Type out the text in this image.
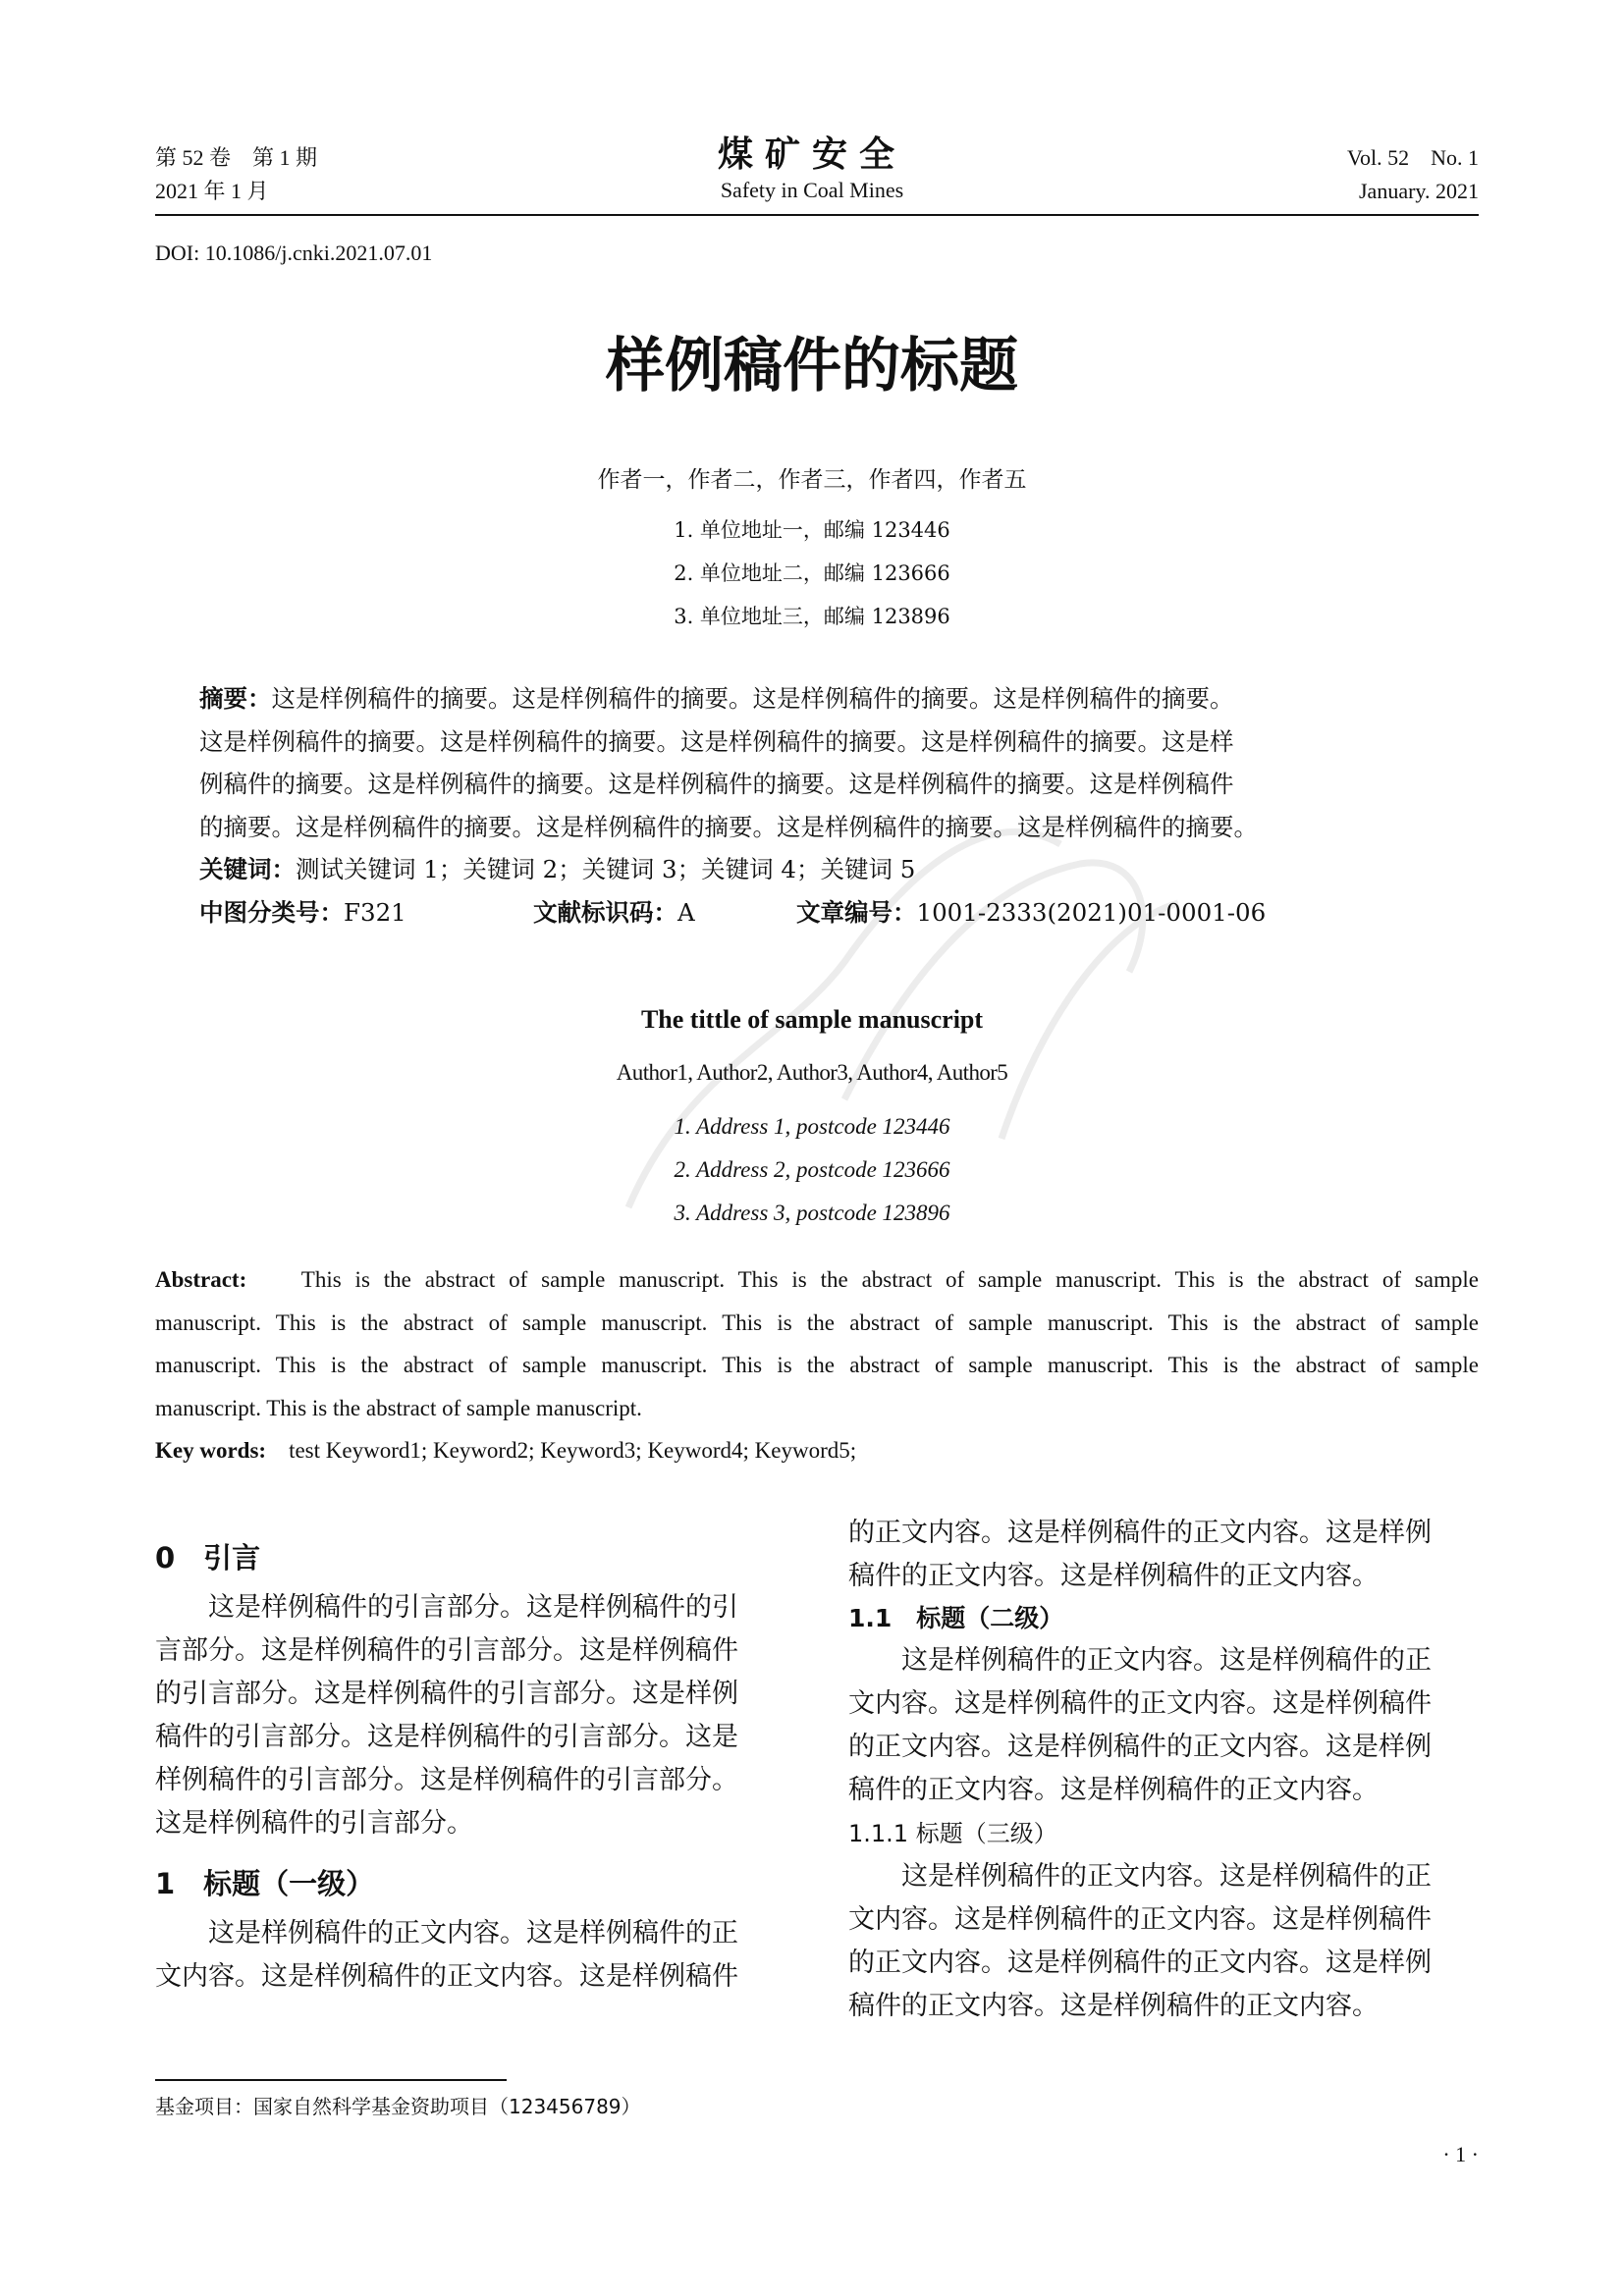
第 52 卷　第 1 期
2021 年 1 月
煤矿安全
Safety in Coal Mines
Vol. 52　No. 1
January. 2021
DOI: 10.1086/j.cnki.2021.07.01
样例稿件的标题
作者一，作者二，作者三，作者四，作者五
1. 单位地址一，邮编 123446
2. 单位地址二，邮编 123666
3. 单位地址三，邮编 123896
摘要：这是样例稿件的摘要。这是样例稿件的摘要。这是样例稿件的摘要。这是样例稿件的摘要。
这是样例稿件的摘要。这是样例稿件的摘要。这是样例稿件的摘要。这是样例稿件的摘要。这是样
例稿件的摘要。这是样例稿件的摘要。这是样例稿件的摘要。这是样例稿件的摘要。这是样例稿件
的摘要。这是样例稿件的摘要。这是样例稿件的摘要。这是样例稿件的摘要。这是样例稿件的摘要。
关键词：测试关键词 1；关键词 2；关键词 3；关键词 4；关键词 5
中图分类号：F321	文献标识码：A	文章编号：1001-2333(2021)01-0001-06
The tittle of sample manuscript
Author1, Author2, Author3, Author4, Author5
1. Address 1, postcode 123446
2. Address 2, postcode 123666
3. Address 3, postcode 123896
Abstract: This is the abstract of sample manuscript. This is the abstract of sample manuscript. This is the abstract of sample
manuscript. This is the abstract of sample manuscript. This is the abstract of sample manuscript. This is the abstract of sample
manuscript. This is the abstract of sample manuscript. This is the abstract of sample manuscript. This is the abstract of sample
manuscript. This is the abstract of sample manuscript.
Key words: test Keyword1; Keyword2; Keyword3; Keyword4; Keyword5;
0　引言

这是样例稿件的引言部分。这是样例稿件的引

言部分。这是样例稿件的引言部分。这是样例稿件

的引言部分。这是样例稿件的引言部分。这是样例

稿件的引言部分。这是样例稿件的引言部分。这是

样例稿件的引言部分。这是样例稿件的引言部分。

这是样例稿件的引言部分。

1　标题（一级）

这是样例稿件的正文内容。这是样例稿件的正

文内容。这是样例稿件的正文内容。这是样例稿件

的正文内容。这是样例稿件的正文内容。这是样例

稿件的正文内容。这是样例稿件的正文内容。

1.1　标题（二级）

这是样例稿件的正文内容。这是样例稿件的正

文内容。这是样例稿件的正文内容。这是样例稿件

的正文内容。这是样例稿件的正文内容。这是样例

稿件的正文内容。这是样例稿件的正文内容。

1.1.1 标题（三级）

这是样例稿件的正文内容。这是样例稿件的正

文内容。这是样例稿件的正文内容。这是样例稿件

的正文内容。这是样例稿件的正文内容。这是样例

稿件的正文内容。这是样例稿件的正文内容。

基金项目：国家自然科学基金资助项目（123456789）
· 1 ·
